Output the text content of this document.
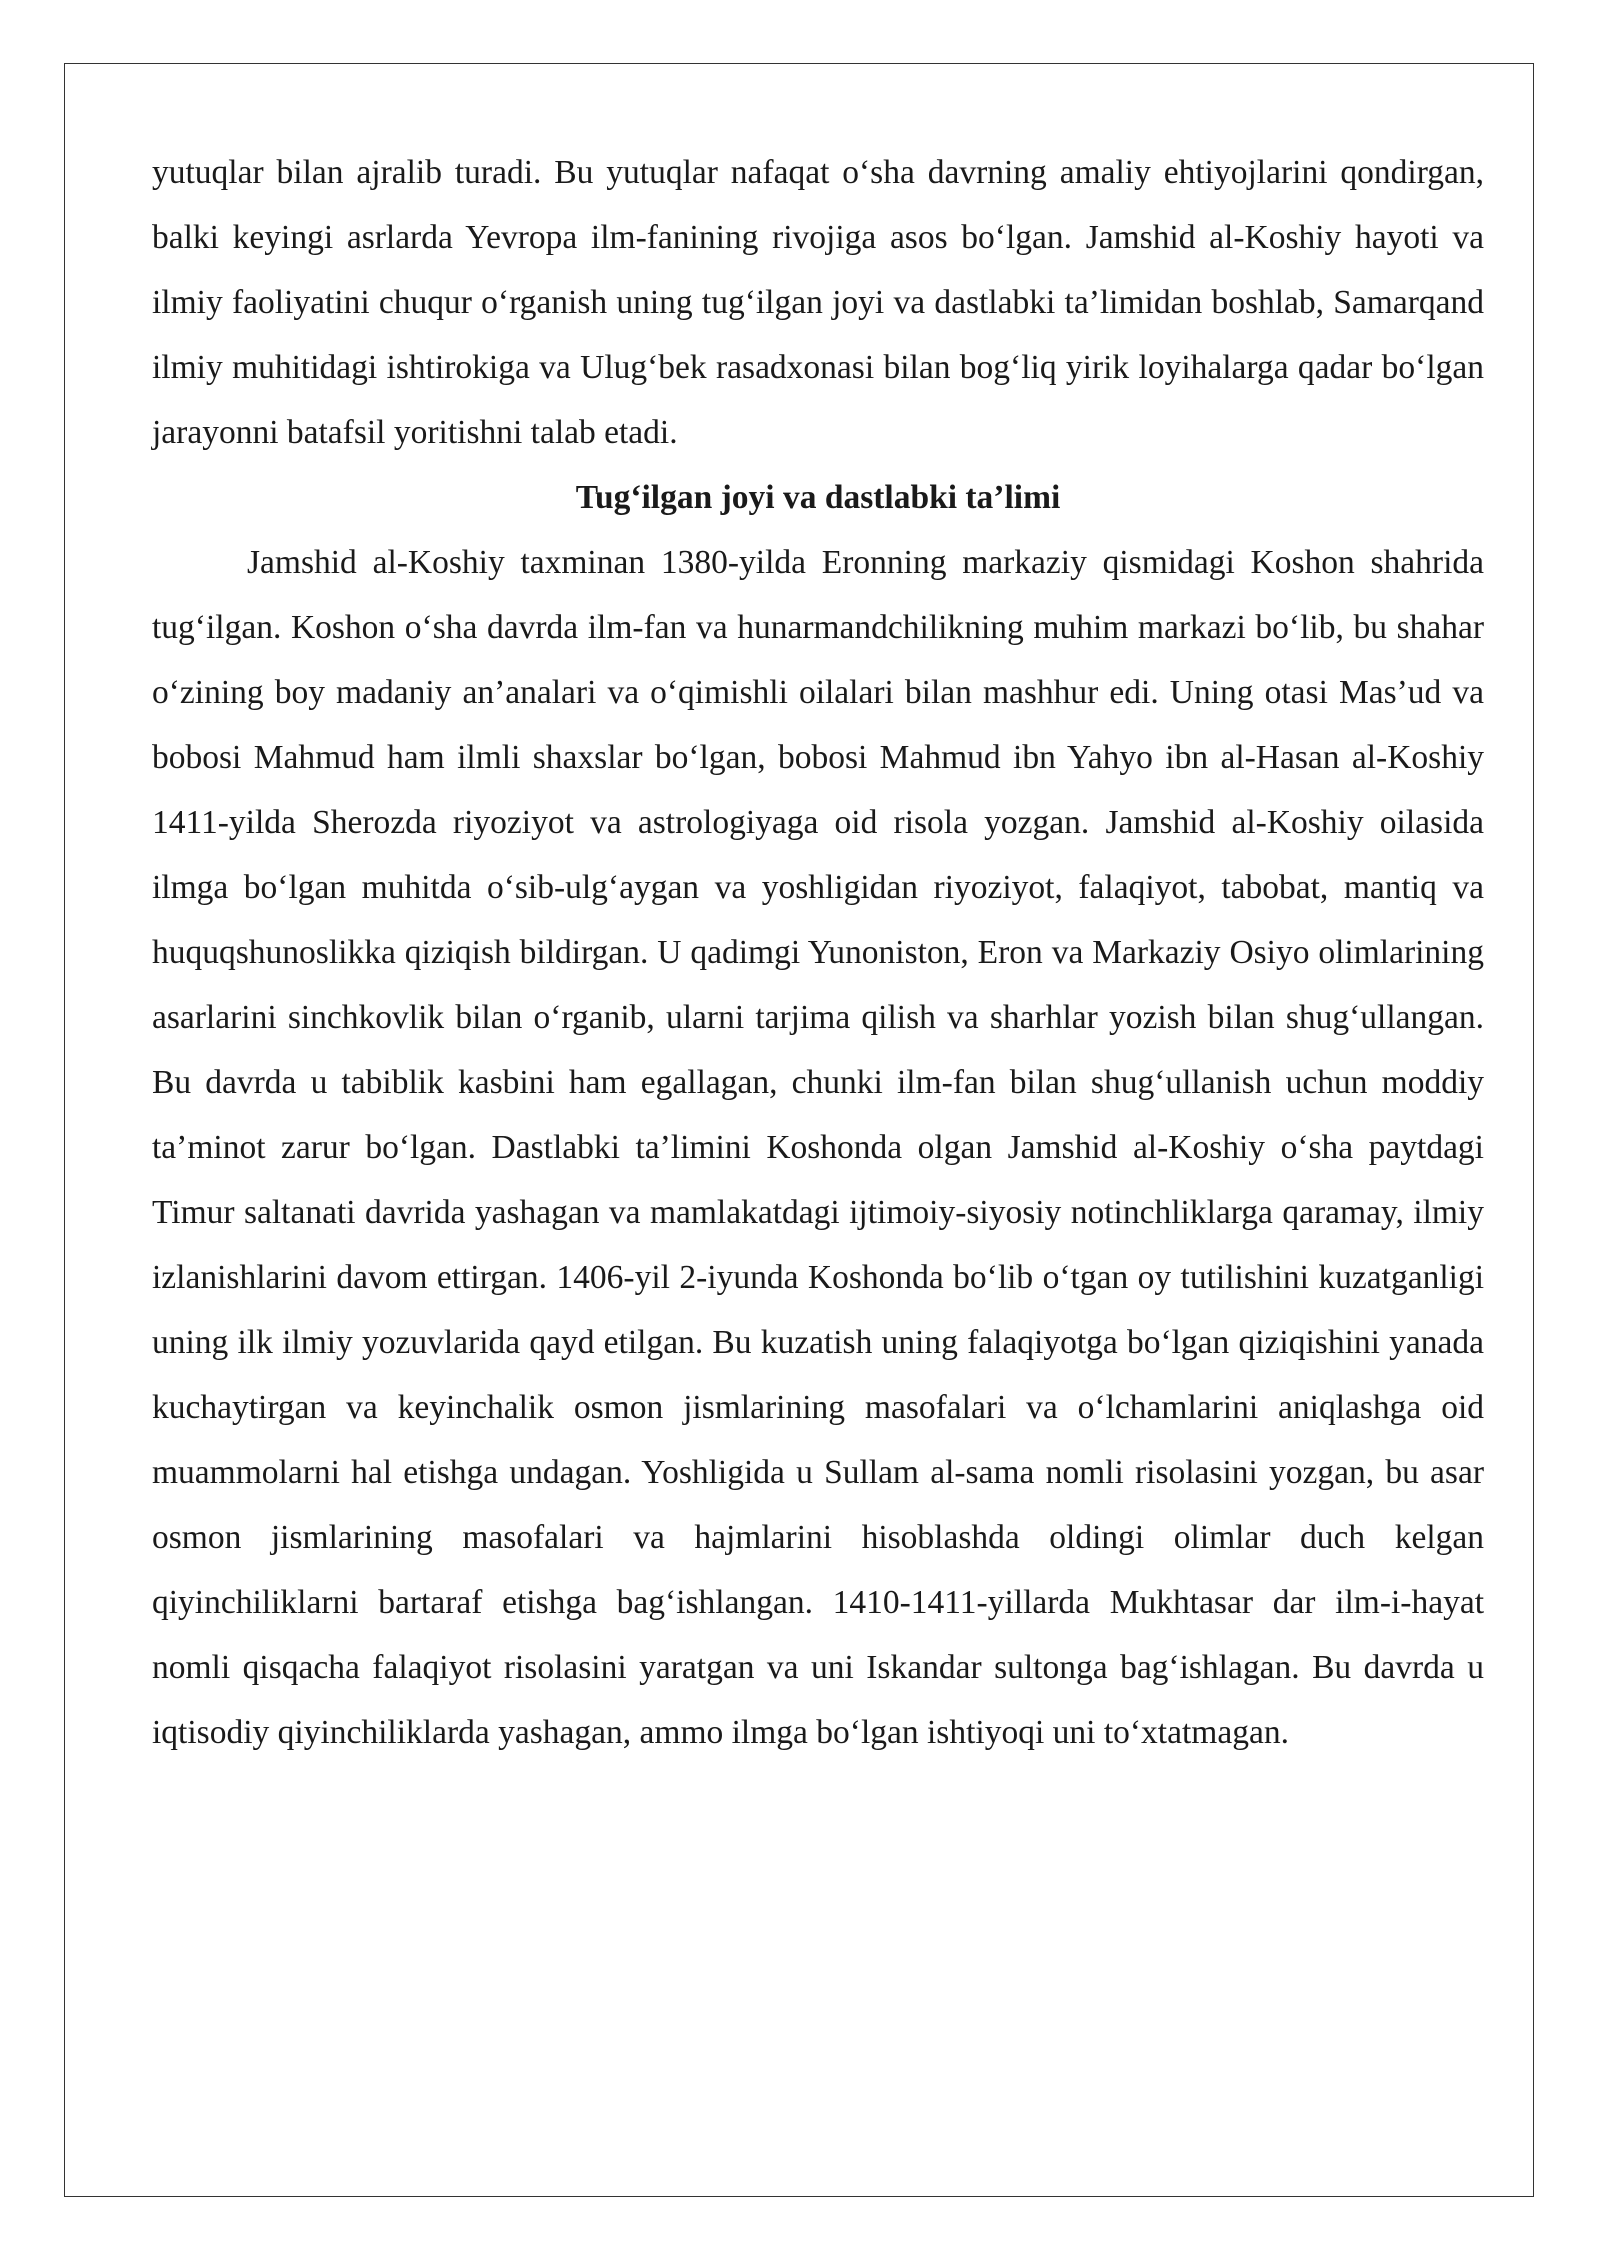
yutuqlar bilan ajralib turadi. Bu yutuqlar nafaqat o‘sha davrning amaliy ehtiyojlarini qondirgan, balki keyingi asrlarda Yevropa ilm-fanining rivojiga asos bo‘lgan. Jamshid al-Koshiy hayoti va ilmiy faoliyatini chuqur o‘rganish uning tug‘ilgan joyi va dastlabki ta’limidan boshlab, Samarqand ilmiy muhitidagi ishtirokiga va Ulug‘bek rasadxonasi bilan bog‘liq yirik loyihalarga qadar bo‘lgan jarayonni batafsil yoritishni talab etadi.

Tug‘ilgan joyi va dastlabki ta’limi

Jamshid al-Koshiy taxminan 1380-yilda Eronning markaziy qismidagi Koshon shahrida tug‘ilgan. Koshon o‘sha davrda ilm-fan va hunarmandchilikning muhim markazi bo‘lib, bu shahar o‘zining boy madaniy an’analari va o‘qimishli oilalari bilan mashhur edi. Uning otasi Mas’ud va bobosi Mahmud ham ilmli shaxslar bo‘lgan, bobosi Mahmud ibn Yahyo ibn al-Hasan al-Koshiy 1411-yilda Sherozda riyoziyot va astrologiyaga oid risola yozgan. Jamshid al-Koshiy oilasida ilmga bo‘lgan muhitda o‘sib-ulg‘aygan va yoshligidan riyoziyot, falaqiyot, tabobat, mantiq va huquqshunoslikka qiziqish bildirgan. U qadimgi Yunoniston, Eron va Markaziy Osiyo olimlarining asarlarini sinchkovlik bilan o‘rganib, ularni tarjima qilish va sharhlar yozish bilan shug‘ullangan. Bu davrda u tabiblik kasbini ham egallagan, chunki ilm-fan bilan shug‘ullanish uchun moddiy ta’minot zarur bo‘lgan. Dastlabki ta’limini Koshonda olgan Jamshid al-Koshiy o‘sha paytdagi Timur saltanati davrida yashagan va mamlakatdagi ijtimoiy-siyosiy notinchliklarga qaramay, ilmiy izlanishlarini davom ettirgan. 1406-yil 2-iyunda Koshonda bo‘lib o‘tgan oy tutilishini kuzatganligi uning ilk ilmiy yozuvlarida qayd etilgan. Bu kuzatish uning falaqiyotga bo‘lgan qiziqishini yanada kuchaytirgan va keyinchalik osmon jismlarining masofalari va o‘lchamlarini aniqlashga oid muammolarni hal etishga undagan. Yoshligida u Sullam al-sama nomli risolasini yozgan, bu asar osmon jismlarining masofalari va hajmlarini hisoblashda oldingi olimlar duch kelgan qiyinchiliklarni bartaraf etishga bag‘ishlangan. 1410-1411-yillarda Mukhtasar dar ilm-i-hayat nomli qisqacha falaqiyot risolasini yaratgan va uni Iskandar sultonga bag‘ishlagan. Bu davrda u iqtisodiy qiyinchiliklarda yashagan, ammo ilmga bo‘lgan ishtiyoqi uni to‘xtatmagan.
